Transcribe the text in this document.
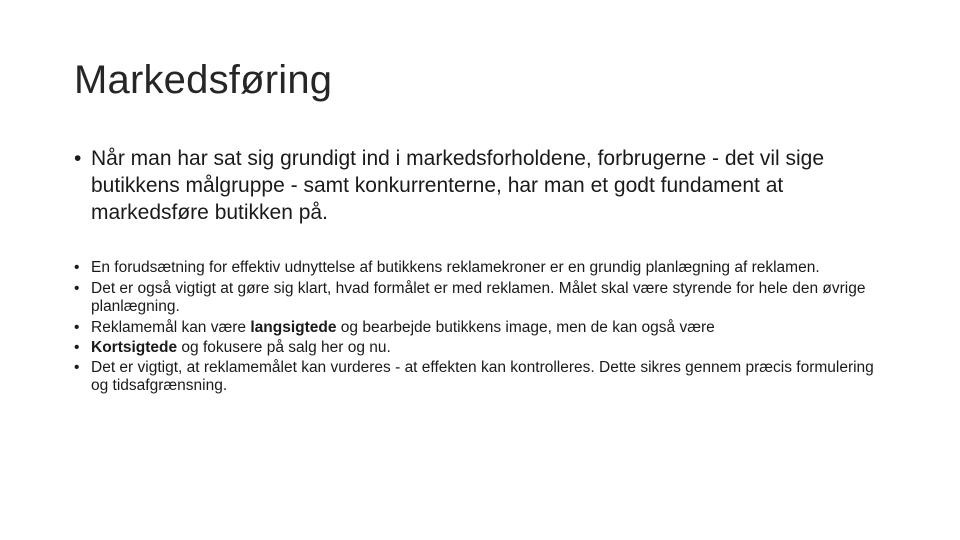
Markedsføring
• Når man har sat sig grundigt ind i markedsforholdene, forbrugerne - det vil sige butikkens målgruppe - samt konkurrenterne, har man et godt fundament at markedsføre butikken på.
• En forudsætning for effektiv udnyttelse af butikkens reklamekroner er en grundig planlægning af reklamen.
• Det er også vigtigt at gøre sig klart, hvad formålet er med reklamen. Målet skal være styrende for hele den øvrige planlægning.
• Reklamemål kan være langsigtede og bearbejde butikkens image, men de kan også være
• Kortsigtede og fokusere på salg her og nu.
• Det er vigtigt, at reklamemålet kan vurderes - at effekten kan kontrolleres. Dette sikres gennem præcis formulering og tidsafgrænsning.
